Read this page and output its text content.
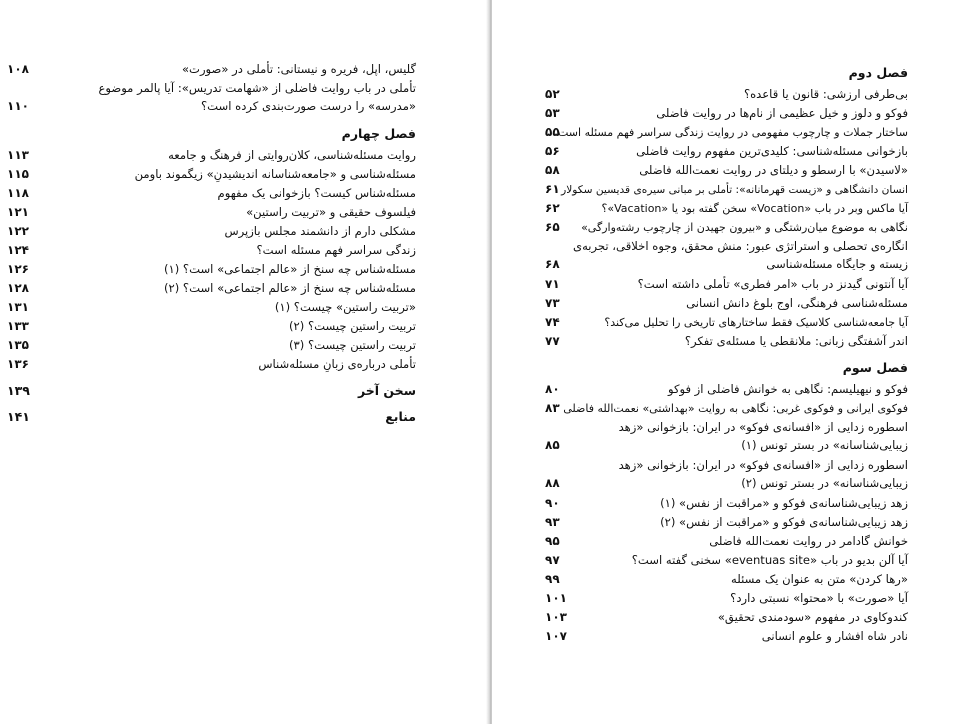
گلیس، اپل، فریره و نیستانی: تأملی در «صورت»
۱۰۸
تأملی در باب روایت فاضلی از «شهامت تدریس»: آیا پالمر موضوع «مدرسه» را درست صورت‌بندی کرده است؟
۱۱۰
فصل چهارم
روایت مسئله‌شناسی، کلان‌روایتی از فرهنگ و جامعه
۱۱۳
مسئله‌شناسی و «جامعه‌شناسانه اندیشیدنِ» زیگموند باومن
۱۱۵
مسئله‌شناس کیست؟ بازخوانی یک مفهوم
۱۱۸
فیلسوف حقیقی و «تربیت راستین»
۱۲۱
مشکلی دارم از دانشمند مجلس بازپرس
۱۲۲
زندگی سراسر فهم مسئله است؟
۱۲۴
مسئله‌شناس چه سنخ از «عالم اجتماعی» است؟ (۱)
۱۲۶
مسئله‌شناس چه سنخ از «عالم اجتماعی» است؟ (۲)
۱۲۸
«تربیت راستین» چیست؟ (۱)
۱۳۱
تربیت راستین چیست؟ (۲)
۱۳۳
تربیت راستین چیست؟ (۳)
۱۳۵
تأملی درباره‌ی زبانِ مسئله‌شناس
۱۳۶
سخن آخر
۱۳۹
منابع
۱۴۱
فصل دوم
بی‌طرفی ارزشی: قانون یا قاعده؟
۵۲
فوکو و دلوز و خیل عظیمی از نام‌ها در روایت فاضلی
۵۳
ساختار جملات و چارچوب مفهومی در روایت زندگی سراسر فهم مسئله است
۵۵
بازخوانی مسئله‌شناسی: کلیدی‌ترین مفهوم روایت فاضلی
۵۶
«لاسیدن» با ارسطو و دیلتای در روایت نعمت‌الله فاضلی
۵۸
انسان دانشگاهی و «زیست قهرمانانه»: تأملی بر مبانی سیره‌ی قدیسین سکولار
۶۱
آیا ماکس وبر در باب «Vocation» سخن گفته بود یا «Vacation»؟
۶۲
نگاهی به موضوع میان‌رشتگی و «بیرون جهیدن از چارچوب رشته‌وارگی»
۶۵
انگاره‌ی تحصلی و استراتژی عبور: منش محقق، وجوه اخلاقی، تجربه‌ی زیسته و جایگاه مسئله‌شناسی
۶۸
آیا آنتونی گیدنز در باب «امر فطری» تأملی داشته است؟
۷۱
مسئله‌شناسی فرهنگی، اوج بلوغ دانش انسانی
۷۳
آیا جامعه‌شناسی کلاسیک فقط ساختارهای تاریخی را تحلیل می‌کند؟
۷۴
اندر آشفتگی زبانی: ملانقطی یا مسئله‌ی تفکر؟
۷۷
فصل سوم
فوکو و نیهیلیسم: نگاهی به خوانش فاضلی از فوکو
۸۰
فوکوی ایرانی و فوکوی غربی: نگاهی به روایت «بهداشتی» نعمت‌الله فاضلی
۸۳
اسطوره زدایی از «افسانه‌ی فوکو» در ایران: بازخوانی «زهد زیبایی‌شناسانه» در بستر تونس (۱)
۸۵
اسطوره زدایی از «افسانه‌ی فوکو» در ایران: بازخوانی «زهد زیبایی‌شناسانه» در بستر تونس (۲)
۸۸
زهد زیبایی‌شناسانه‌ی فوکو و «مراقبت از نفس» (۱)
۹۰
زهد زیبایی‌شناسانه‌ی فوکو و «مراقبت از نفس» (۲)
۹۳
خوانش گادامر در روایت نعمت‌الله فاضلی
۹۵
آیا آلن بدیو در باب «eventuas site» سخنی گفته است؟
۹۷
«رها کردن» متن به عنوان یک مسئله
۹۹
آیا «صورت» با «محتوا» نسبتی دارد؟
۱۰۱
کندوکاوی در مفهوم «سودمندی تحقیق»
۱۰۳
نادر شاه افشار و علوم انسانی
۱۰۷
